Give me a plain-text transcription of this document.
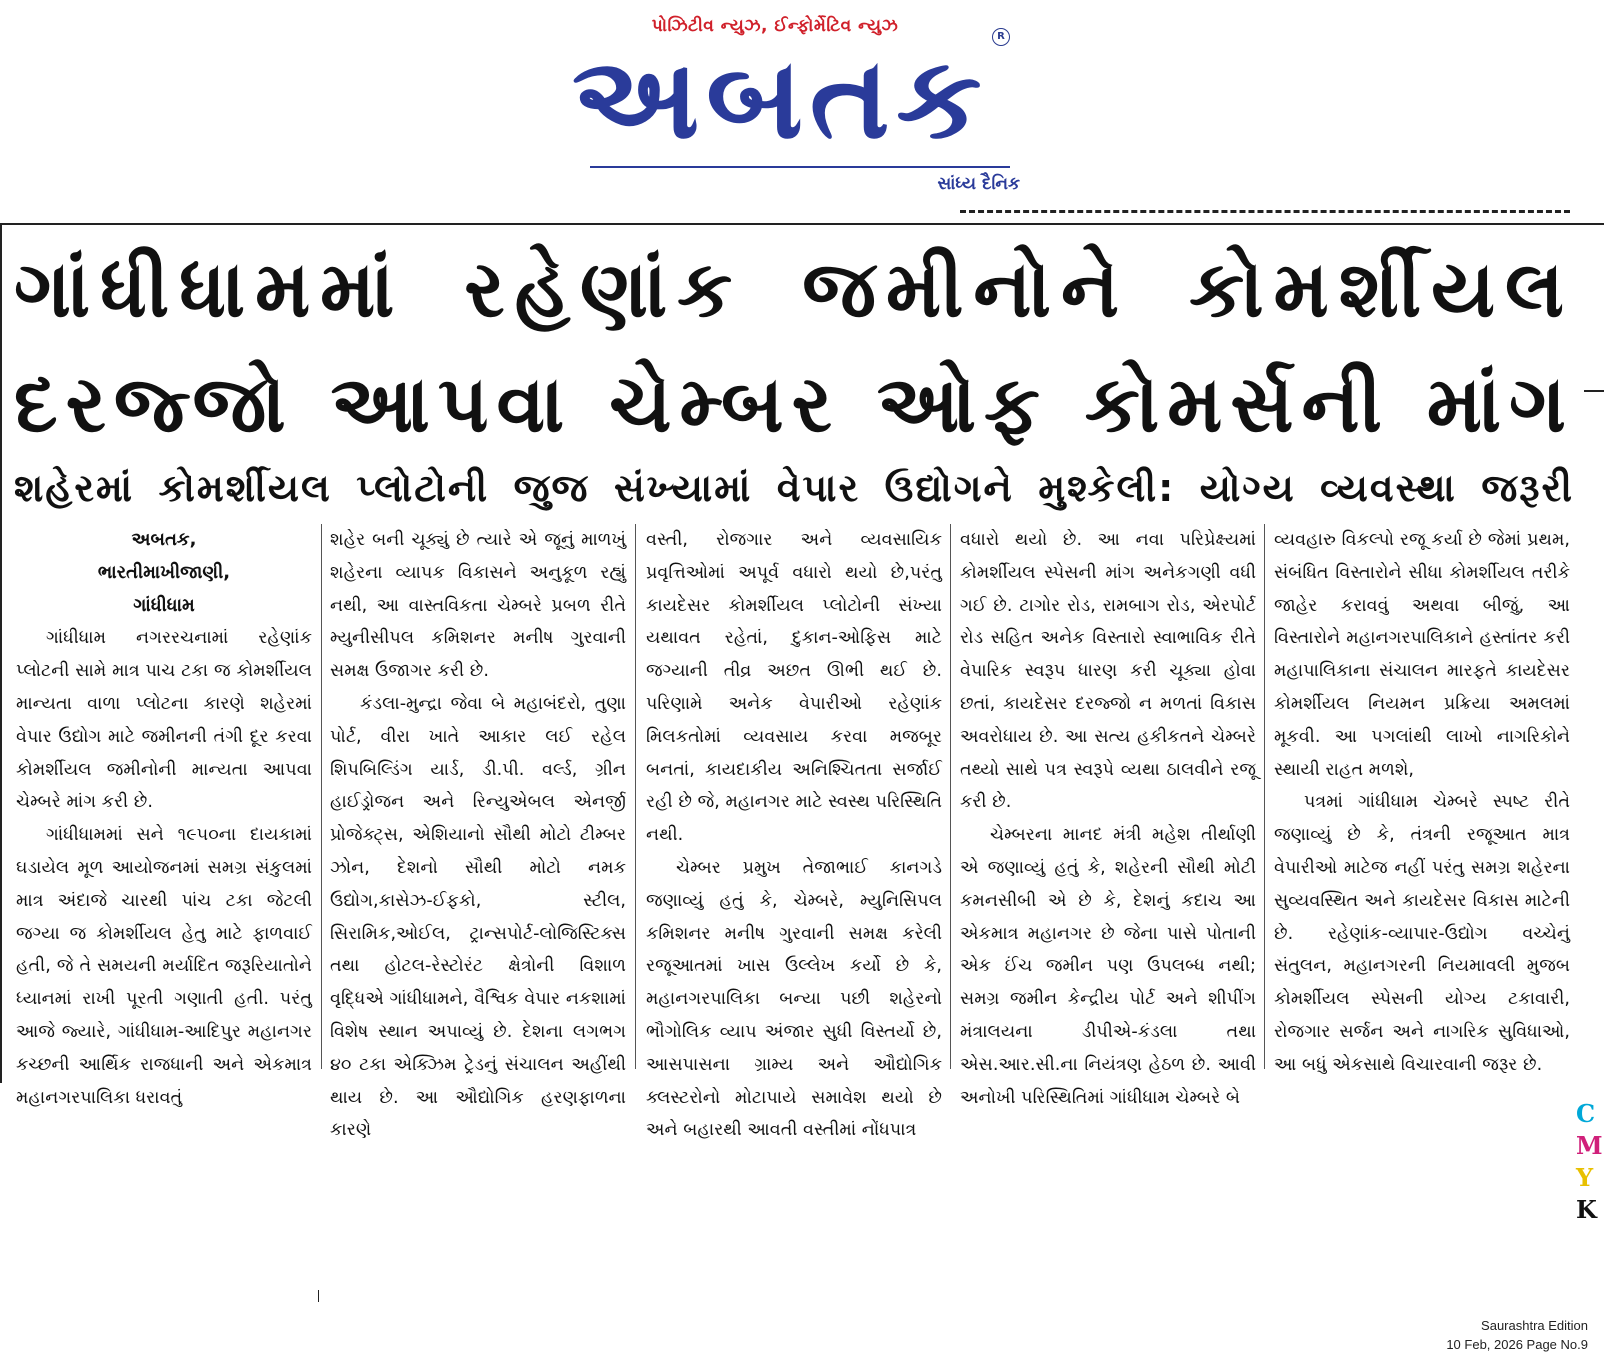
પોઝિટીવ ન્યુઝ, ઈન્ફોર્મેટિવ ન્યુઝ
R
અબતક
સાંધ્ય દૈનિક
ગાંધીધામમાં રહેણાંક જમીનોને કોમર્શીયલ
દરજ્જો આપવા ચેમ્બર ઓફ કોમર્સની માંગ
શહેરમાં કોમર્શીયલ પ્લોટોની જુજ સંખ્યામાં વેપાર ઉદ્યોગને મુશ્કેલી: યોગ્ય વ્યવસ્થા જરૂરી
અબતક,
ભારતીમાખીજાણી,
ગાંધીધામ

ગાંધીધામ નગરરચનામાં રહેણાંક પ્લોટની સામે માત્ર પાચ ટકા જ કોમર્શીયલ માન્યતા વાળા પ્લોટના કારણે શહેરમાં વેપાર ઉદ્યોગ માટે જમીનની તંગી દૂર કરવા કોમર્શીયલ જમીનોની માન્યતા આપવા ચેમ્બરે માંગ કરી છે.

ગાંધીધામમાં સને ૧૯૫૦ના દાયકામાં ઘડાયેલ મૂળ આયોજનમાં સમગ્ર સંકુલમાં માત્ર અંદાજે ચારથી પાંચ ટકા જેટલી જગ્યા જ કોમર્શીયલ હેતુ માટે ફાળવાઈ હતી, જે તે સમયની મર્યાદિત જરૂરિયાતોને ધ્યાનમાં રાખી પૂરતી ગણાતી હતી. પરંતુ આજે જ્યારે, ગાંધીધામ-આદિપુર મહાનગર કચ્છની આર્થિક રાજધાની અને એકમાત્ર મહાનગરપાલિકા ધરાવતું

શહેર બની ચૂક્યું છે ત્યારે એ જૂનું માળખું શહેરના વ્યાપક વિકાસને અનુકૂળ રહ્યું નથી, આ વાસ્તવિકતા ચેમ્બરે પ્રબળ રીતે મ્યુનીસીપલ કમિશનર મનીષ ગુરવાની સમક્ષ ઉજાગર કરી છે.

કંડલા-મુન્દ્રા જેવા બે મહાબંદરો, તુણા પોર્ટ, વીરા ખાતે આકાર લઈ રહેલ શિપબિલ્ડિંગ યાર્ડ, ડી.પી. વર્લ્ડ, ગ્રીન હાઈડ્રોજન અને રિન્યુએબલ એનર્જી પ્રોજેક્ટ્સ, એશિયાનો સૌથી મોટો ટીમ્બર ઝોન, દેશનો સૌથી મોટો નમક ઉદ્યોગ,કાસેઝ-ઈફકો, સ્ટીલ, સિરામિક,ઓઈલ, ટ્રાન્સપોર્ટ-લોજિસ્ટિક્સ તથા હોટલ-રેસ્ટોરંટ ક્ષેત્રોની વિશાળ વૃદ્ધિએ ગાંધીધામને, વૈશ્વિક વેપાર નકશામાં વિશેષ સ્થાન અપાવ્યું છે. દેશના લગભગ ૪૦ ટકા એક્ઝિમ ટ્રેડનું સંચાલન અહીંથી થાય છે. આ ઔદ્યોગિક હરણફાળના કારણે

વસ્તી, રોજગાર અને વ્યવસાયિક પ્રવૃત્તિઓમાં અપૂર્વ વધારો થયો છે,પરંતુ કાયદેસર કોમર્શીયલ પ્લોટોની સંખ્યા યથાવત રહેતાં, દુકાન-ઓફિસ માટે જગ્યાની તીવ્ર અછત ઊભી થઈ છે. પરિણામે અનેક વેપારીઓ રહેણાંક મિલકતોમાં વ્યવસાય કરવા મજબૂર બનતાં, કાયદાકીય અનિશ્ચિતતા સર્જાઈ રહી છે જે, મહાનગર માટે સ્વસ્થ પરિસ્થિતિ નથી.

ચેમ્બર પ્રમુખ તેજાભાઈ કાનગડે જણાવ્યું હતું કે, ચેમ્બરે, મ્યુનિસિપલ કમિશનર મનીષ ગુરવાની સમક્ષ કરેલી રજૂઆતમાં ખાસ ઉલ્લેખ કર્યો છે કે, મહાનગરપાલિકા બન્યા પછી શહેરનો ભૌગોલિક વ્યાપ અંજાર સુધી વિસ્તર્યો છે, આસપાસના ગ્રામ્ય અને ઔદ્યોગિક ક્લસ્ટરોનો મોટાપાયે સમાવેશ થયો છે અને બહારથી આવતી વસ્તીમાં નોંધપાત્ર

વધારો થયો છે. આ નવા પરિપ્રેક્ષ્યમાં કોમર્શીયલ સ્પેસની માંગ અનેકગણી વધી ગઈ છે. ટાગોર રોડ, રામબાગ રોડ, એરપોર્ટ રોડ સહિત અનેક વિસ્તારો સ્વાભાવિક રીતે વેપારિક સ્વરૂપ ધારણ કરી ચૂક્યા હોવા છતાં, કાયદેસર દરજ્જો ન મળતાં વિકાસ અવરોધાય છે. આ સત્ય હકીકતને ચેમ્બરે તથ્યો સાથે પત્ર સ્વરૂપે વ્યથા ઠાલવીને રજૂ કરી છે.

ચેમ્બરના માનદ મંત્રી મહેશ તીર્થાણી એ જણાવ્યું હતું કે, શહેરની સૌથી મોટી કમનસીબી એ છે કે, દેશનું કદાચ આ એકમાત્ર મહાનગર છે જેના પાસે પોતાની એક ઈંચ જમીન પણ ઉપલબ્ધ નથી; સમગ્ર જમીન કેન્દ્રીય પોર્ટ અને શીપીંગ મંત્રાલયના ડીપીએ-કંડલા તથા એસ.આર.સી.ના નિયંત્રણ હેઠળ છે. આવી અનોખી પરિસ્થિતિમાં ગાંધીધામ ચેમ્બરે બે

વ્યવહારુ વિકલ્પો રજૂ કર્યા છે જેમાં પ્રથમ, સંબંધિત વિસ્તારોને સીધા કોમર્શીયલ તરીકે જાહેર કરાવવું અથવા બીજું, આ વિસ્તારોને મહાનગરપાલિકાને હસ્તાંતર કરી મહાપાલિકાના સંચાલન મારફતે કાયદેસર કોમર્શીયલ નિયમન પ્રક્રિયા અમલમાં મૂકવી. આ પગલાંથી લાખો નાગરિકોને સ્થાયી રાહત મળશે,

પત્રમાં ગાંધીધામ ચેમ્બરે સ્પષ્ટ રીતે જણાવ્યું છે કે, તંત્રની રજૂઆત માત્ર વેપારીઓ માટેજ નહીં પરંતુ સમગ્ર શહેરના સુવ્યવસ્થિત અને કાયદેસર વિકાસ માટેની છે. રહેણાંક-વ્યાપાર-ઉદ્યોગ વચ્ચેનું સંતુલન, મહાનગરની નિયમાવલી મુજબ કોમર્શીયલ સ્પેસની યોગ્ય ટકાવારી, રોજગાર સર્જન અને નાગરિક સુવિધાઓ, આ બધું એકસાથે વિચારવાની જરૂર છે.

C
M
Y
K
Saurashtra Edition
10 Feb, 2026 Page No.9
